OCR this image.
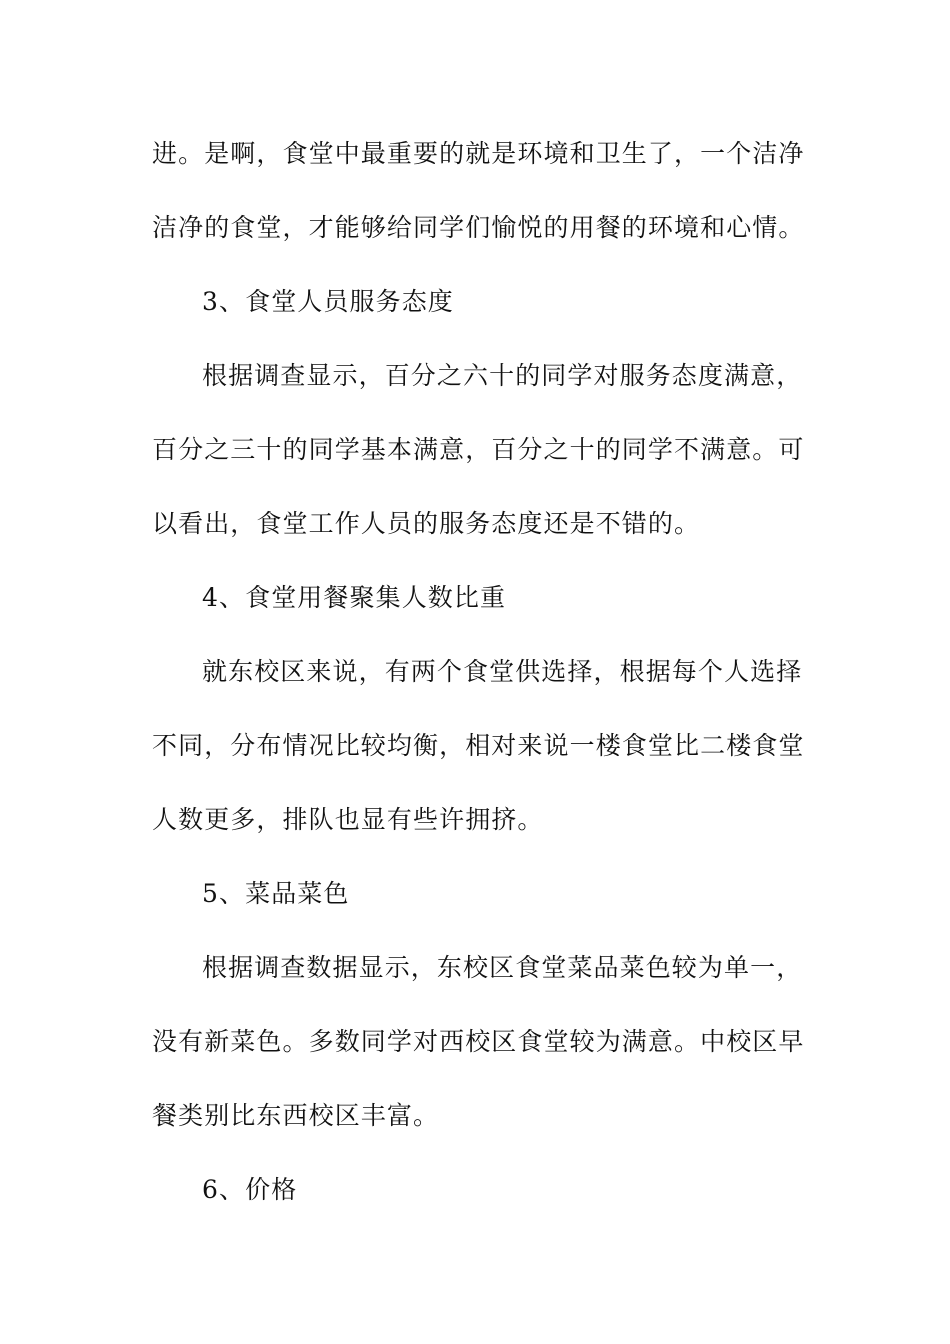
进。是啊，食堂中最重要的就是环境和卫生了，一个洁净
洁净的食堂，才能够给同学们愉悦的用餐的环境和心情。
3、食堂人员服务态度
根据调查显示，百分之六十的同学对服务态度满意，
百分之三十的同学基本满意，百分之十的同学不满意。可
以看出，食堂工作人员的服务态度还是不错的。
4、食堂用餐聚集人数比重
就东校区来说，有两个食堂供选择，根据每个人选择
不同，分布情况比较均衡，相对来说一楼食堂比二楼食堂
人数更多，排队也显有些许拥挤。
5、菜品菜色
根据调查数据显示，东校区食堂菜品菜色较为单一，
没有新菜色。多数同学对西校区食堂较为满意。中校区早
餐类别比东西校区丰富。
6、价格
